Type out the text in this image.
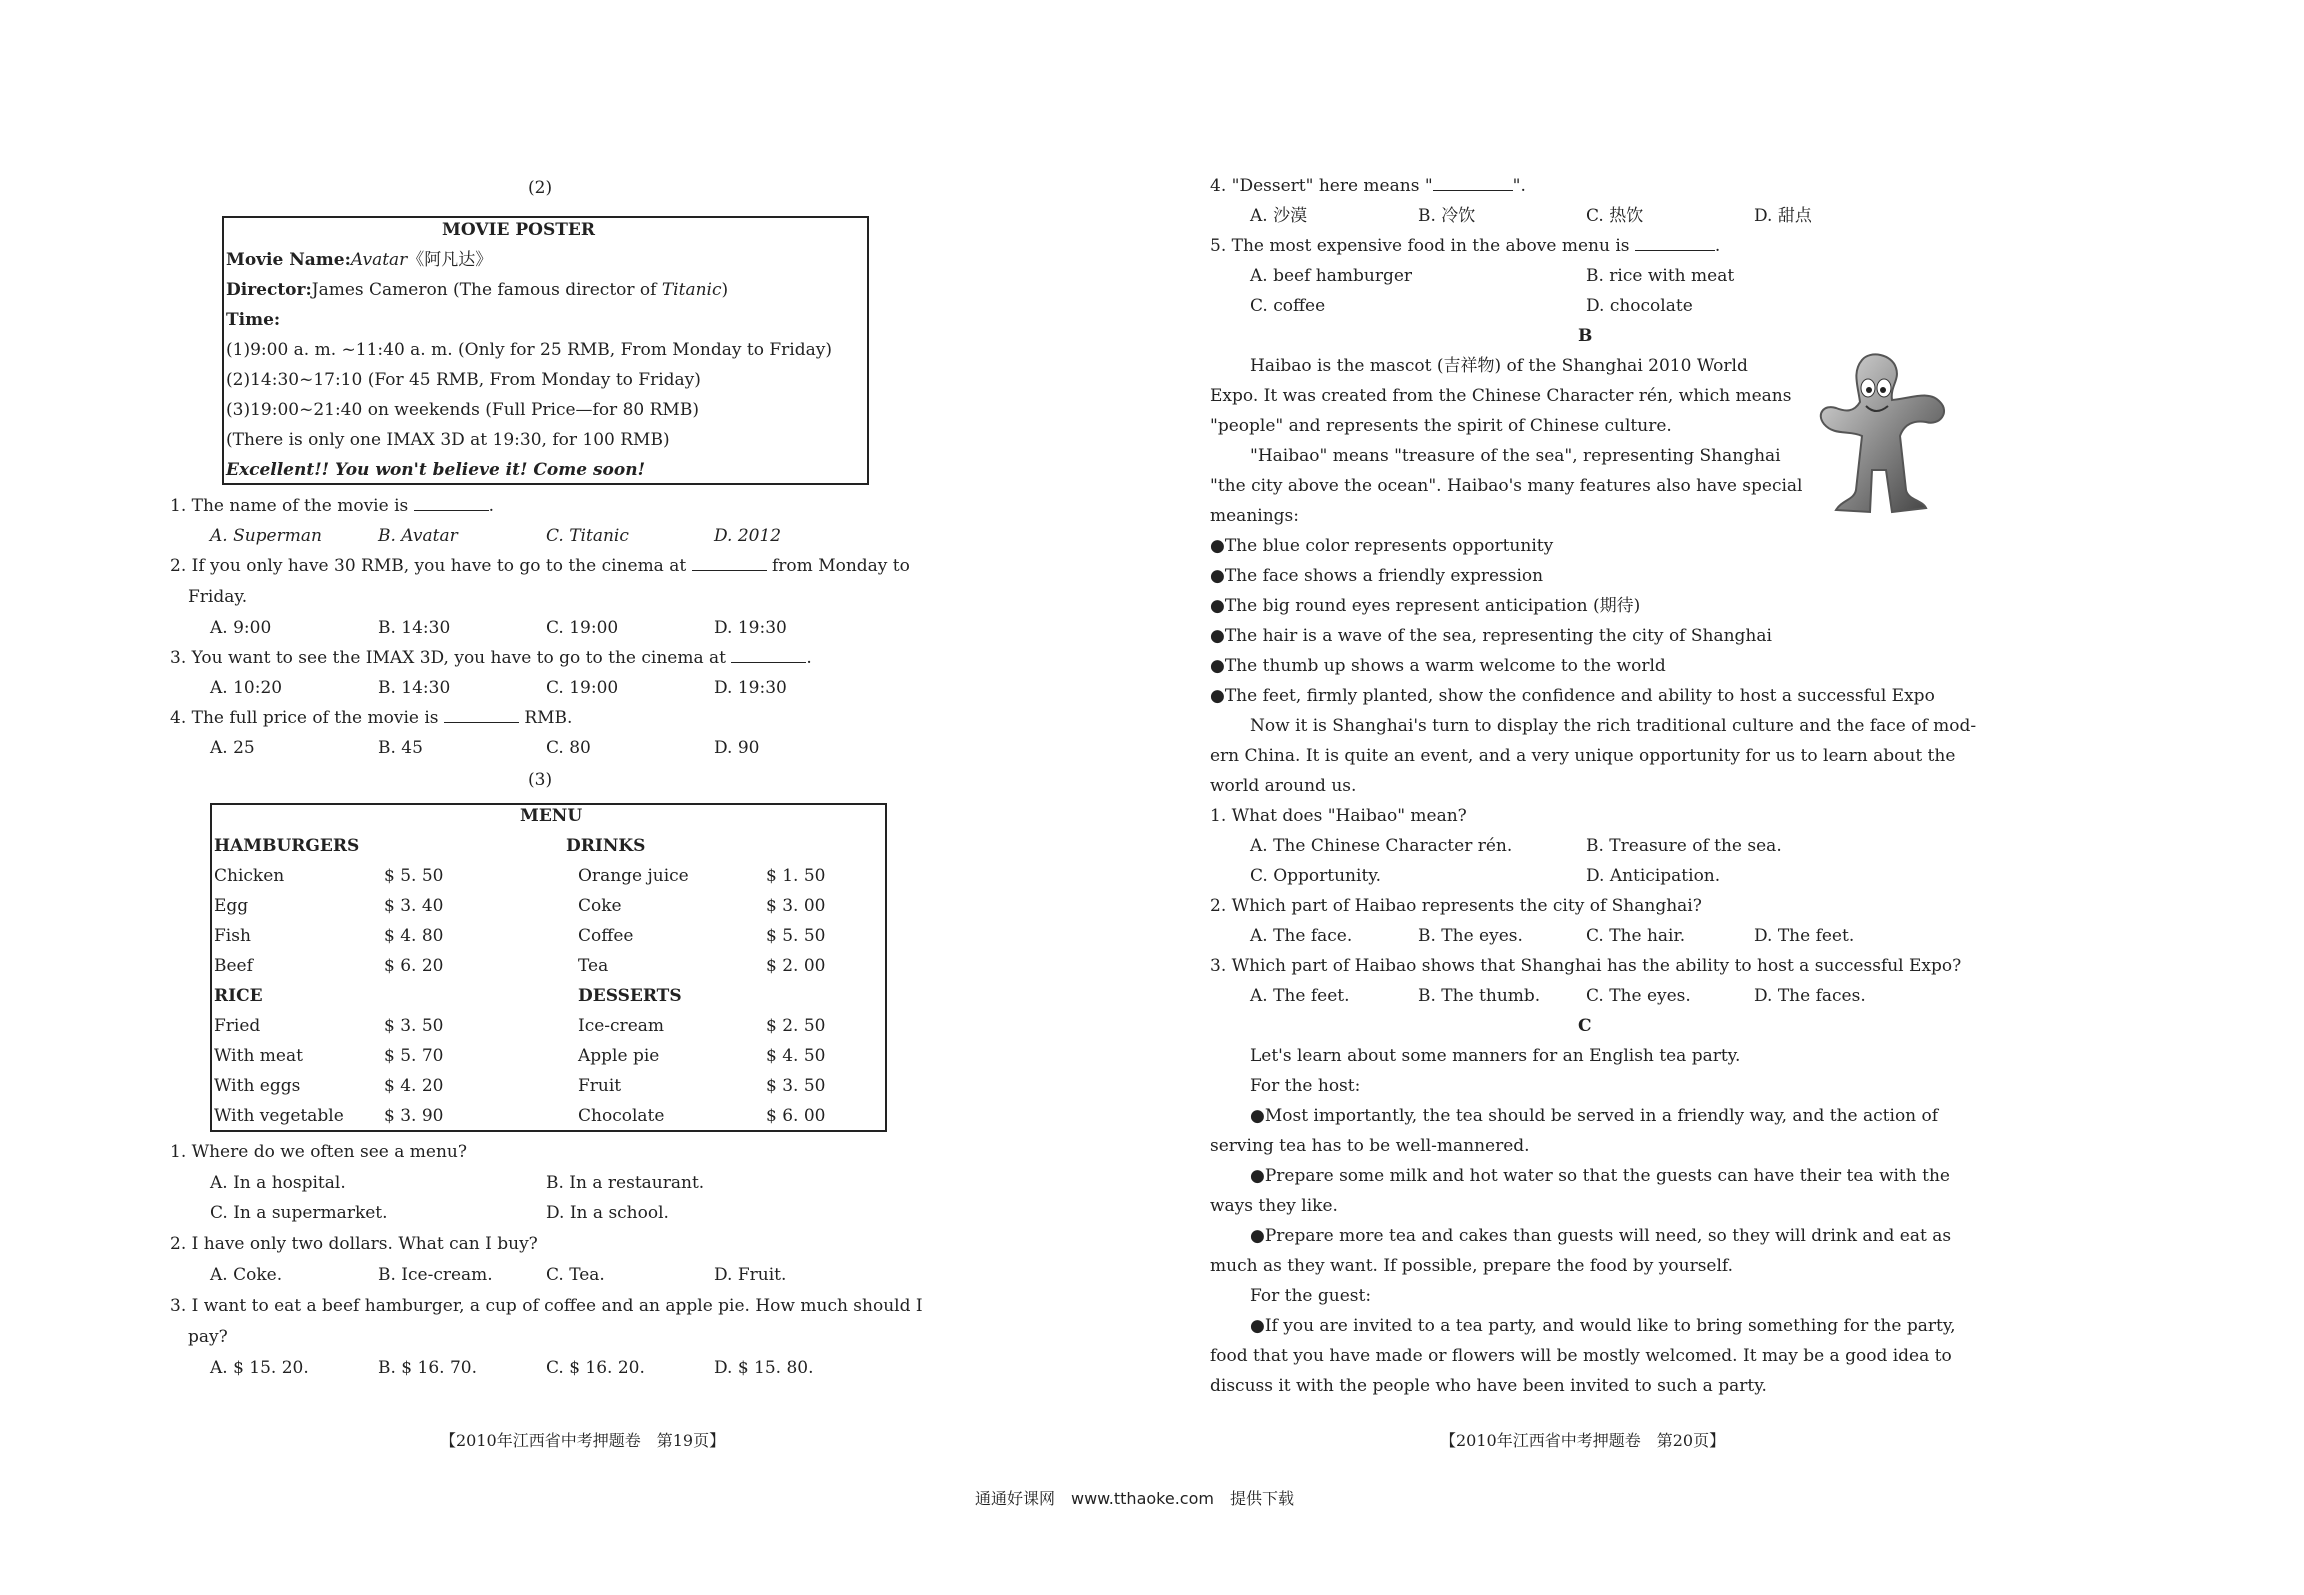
(2)
MOVIE POSTER
Movie Name:Avatar《阿凡达》
Director:James Cameron (The famous director of Titanic)
Time:
(1)9:00 a. m. ~11:40 a. m. (Only for 25 RMB, From Monday to Friday)
(2)14:30~17:10 (For 45 RMB, From Monday to Friday)
(3)19:00~21:40 on weekends (Full Price—for 80 RMB)
(There is only one IMAX 3D at 19:30, for 100 RMB)
Excellent!! You won't believe it! Come soon!
1. The name of the movie is	.
A. Superman	B. Avatar	C. Titanic	D. 2012
2. If you only have 30 RMB, you have to go to the cinema at	from Monday to
Friday.
A. 9:00	B. 14:30	C. 19:00	D. 19:30
3. You want to see the IMAX 3D, you have to go to the cinema at	.
A. 10:20	B. 14:30	C. 19:00	D. 19:30
4. The full price of the movie is	RMB.
A. 25	B. 45	C. 80	D. 90
(3)
MENU
HAMBURGERS	DRINKS
Chicken	$ 5. 50	Orange juice	$ 1. 50
Egg	$ 3. 40	Coke	$ 3. 00
Fish	$ 4. 80	Coffee	$ 5. 50
Beef	$ 6. 20	Tea	$ 2. 00
RICE	DESSERTS
Fried	$ 3. 50	Ice-cream	$ 2. 50
With meat	$ 5. 70	Apple pie	$ 4. 50
With eggs	$ 4. 20	Fruit	$ 3. 50
With vegetable $ 3. 90	Chocolate	$ 6. 00
1. Where do we often see a menu?
A. In a hospital.	B. In a restaurant.
C. In a supermarket.	D. In a school.
2. I have only two dollars. What can I buy?
A. Coke.	B. Ice-cream.	C. Tea.	D. Fruit.
3. I want to eat a beef hamburger, a cup of coffee and an apple pie. How much should I
pay?
A. $ 15. 20.	B. $ 16. 70.	C. $ 16. 20.	D. $ 15. 80.
【2010年江西省中考押题卷　第19页】
4. "Dessert" here means "	".
A. 沙漠	B. 冷饮	C. 热饮	D. 甜点
5. The most expensive food in the above menu is	.
A. beef hamburger	B. rice with meat
C. coffee	D. chocolate
B
Haibao is the mascot (吉祥物) of the Shanghai 2010 World
Expo. It was created from the Chinese Character rén, which means
"people" and represents the spirit of Chinese culture.
"Haibao" means "treasure of the sea", representing Shanghai
"the city above the ocean". Haibao's many features also have special
meanings:
●The blue color represents opportunity
●The face shows a friendly expression
●The big round eyes represent anticipation (期待)
●The hair is a wave of the sea, representing the city of Shanghai
●The thumb up shows a warm welcome to the world
●The feet, firmly planted, show the confidence and ability to host a successful Expo
Now it is Shanghai's turn to display the rich traditional culture and the face of mod-
ern China. It is quite an event, and a very unique opportunity for us to learn about the
world around us.
1. What does "Haibao" mean?
A. The Chinese Character rén.	B. Treasure of the sea.
C. Opportunity.	D. Anticipation.
2. Which part of Haibao represents the city of Shanghai?
A. The face.	B. The eyes.	C. The hair.	D. The feet.
3. Which part of Haibao shows that Shanghai has the ability to host a successful Expo?
A. The feet.	B. The thumb.	C. The eyes.	D. The faces.
C
Let's learn about some manners for an English tea party.
For the host:
●Most importantly, the tea should be served in a friendly way, and the action of
serving tea has to be well-mannered.
●Prepare some milk and hot water so that the guests can have their tea with the
ways they like.
●Prepare more tea and cakes than guests will need, so they will drink and eat as
much as they want. If possible, prepare the food by yourself.
For the guest:
●If you are invited to a tea party, and would like to bring something for the party,
food that you have made or flowers will be mostly welcomed. It may be a good idea to
discuss it with the people who have been invited to such a party.
【2010年江西省中考押题卷　第20页】
通通好课网　www.tthaoke.com　提供下载
